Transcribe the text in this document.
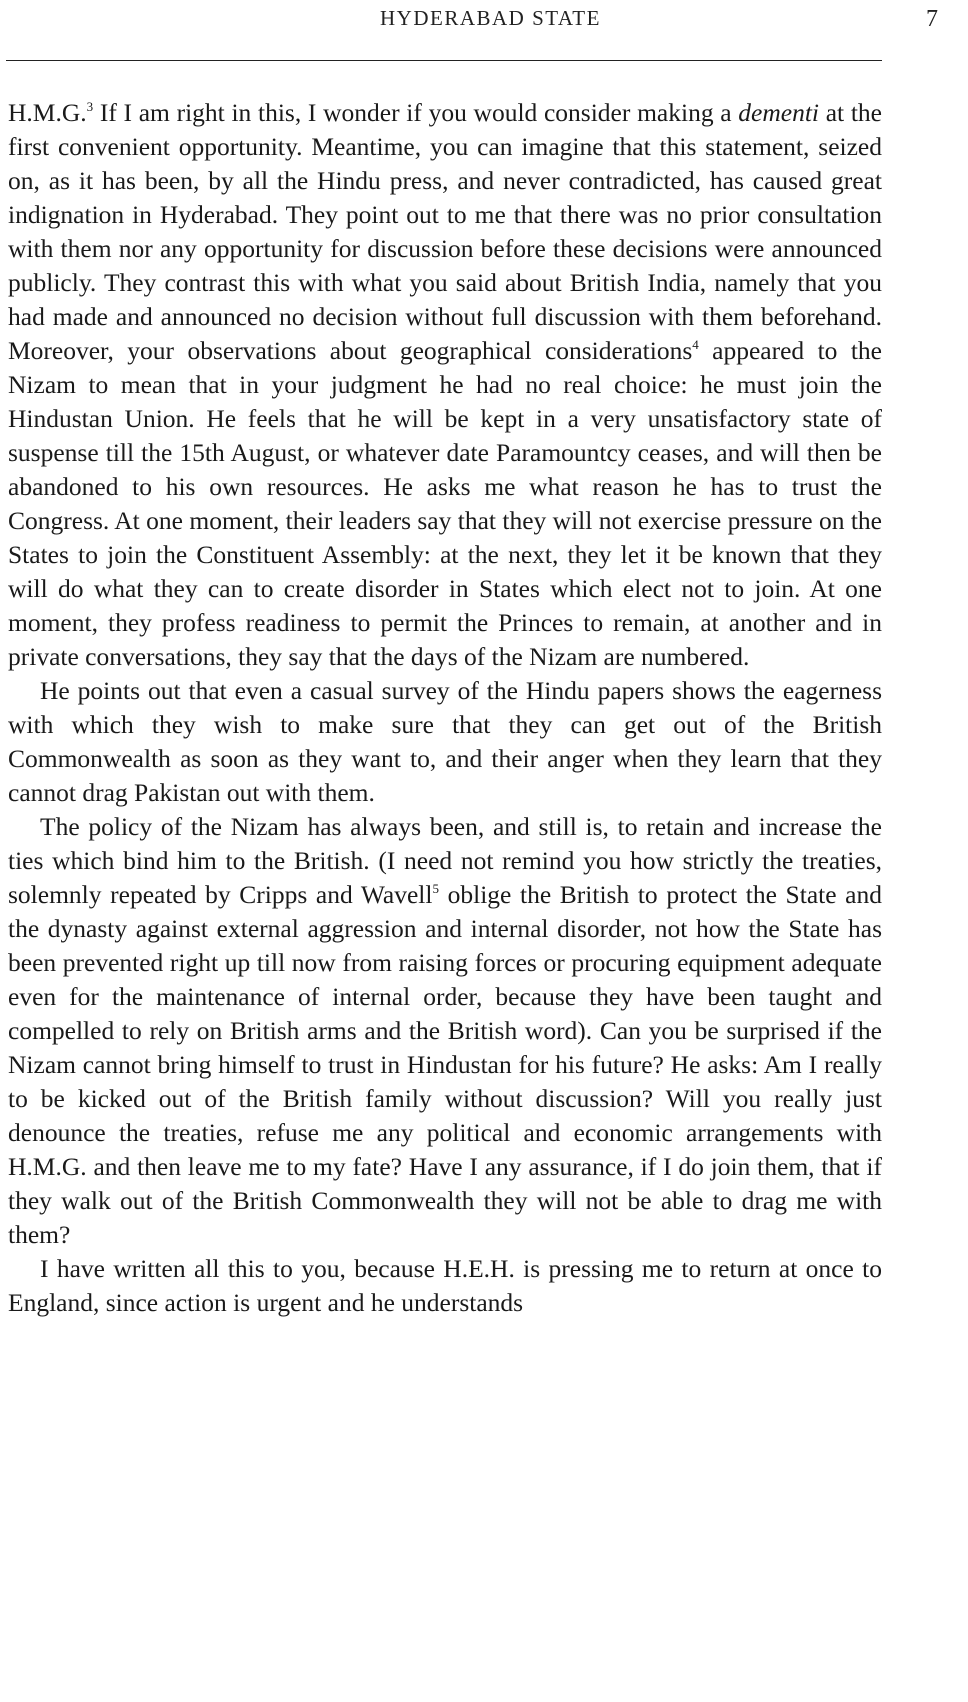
HYDERABAD STATE	7

H.M.G.$^3$ If I am right in this, I wonder if you would consider making a dementi at the first convenient opportunity. Meantime, you can imagine that this statement, seized on, as it has been, by all the Hindu press, and never contradicted, has caused great indignation in Hyderabad. They point out to me that there was no prior consultation with them nor any opportunity for discussion before these decisions were announced publicly. They contrast this with what you said about British India, namely that you had made and announced no decision without full discussion with them beforehand. Moreover, your observations about geographical considerations$^4$ appeared to the Nizam to mean that in your judgment he had no real choice: he must join the Hindustan Union. He feels that he will be kept in a very unsatisfactory state of suspense till the 15th August, or whatever date Paramountcy ceases, and will then be abandoned to his own resources. He asks me what reason he has to trust the Congress. At one moment, their leaders say that they will not exercise pressure on the States to join the Constituent Assembly: at the next, they let it be known that they will do what they can to create disorder in States which elect not to join. At one moment, they profess readiness to permit the Princes to remain, at another and in private conversations, they say that the days of the Nizam are numbered.

He points out that even a casual survey of the Hindu papers shows the eagerness with which they wish to make sure that they can get out of the British Commonwealth as soon as they want to, and their anger when they learn that they cannot drag Pakistan out with them.

The policy of the Nizam has always been, and still is, to retain and increase the ties which bind him to the British. (I need not remind you how strictly the treaties, solemnly repeated by Cripps and Wavell$^5$ oblige the British to protect the State and the dynasty against external aggression and internal disorder, not how the State has been prevented right up till now from raising forces or procuring equipment adequate even for the maintenance of internal order, because they have been taught and compelled to rely on British arms and the British word). Can you be surprised if the Nizam cannot bring himself to trust in Hindustan for his future? He asks: Am I really to be kicked out of the British family without discussion? Will you really just denounce the treaties, refuse me any political and economic arrangements with H.M.G. and then leave me to my fate? Have I any assurance, if I do join them, that if they walk out of the British Commonwealth they will not be able to drag me with them?

I have written all this to you, because H.E.H. is pressing me to return at once to England, since action is urgent and he understands
